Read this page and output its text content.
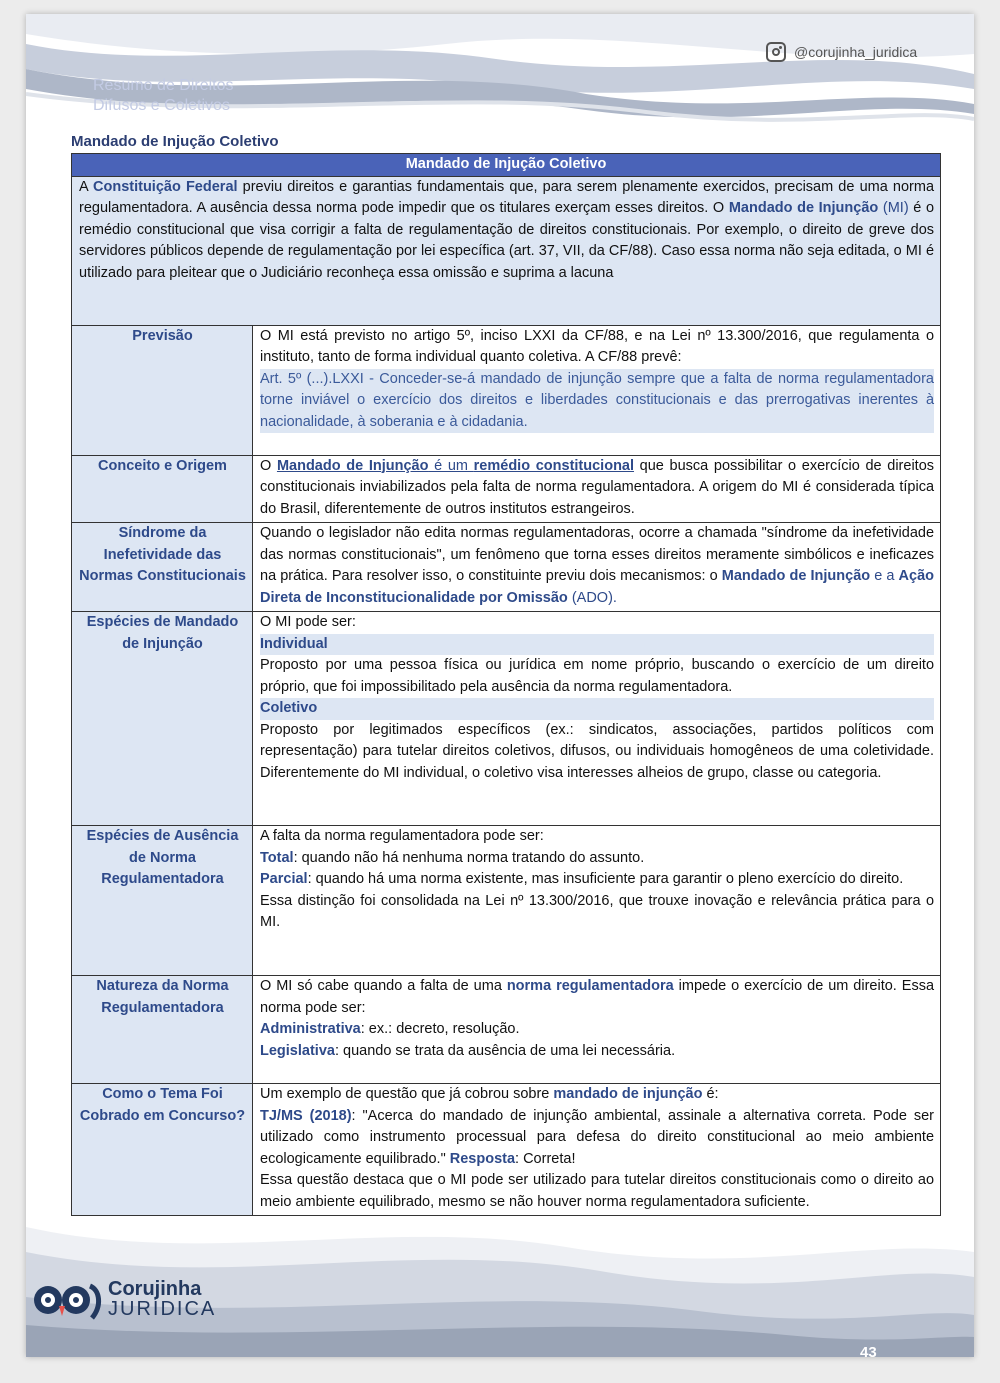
@corujinha_juridica
Resumo de Direitos
Difusos e Coletivos
Mandado de Injução Coletivo
Mandado de Injução Coletivo	
A Constituição Federal previu direitos e garantias fundamentais que, para serem plenamente exercidos, precisam de uma norma regulamentadora. A ausência dessa norma pode impedir que os titulares exerçam esses direitos. O Mandado de Injunção (MI) é o remédio constitucional que visa corrigir a falta de regulamentação de direitos constitucionais. Por exemplo, o direito de greve dos servidores públicos depende de regulamentação por lei específica (art. 37, VII, da CF/88). Caso essa norma não seja editada, o MI é utilizado para pleitear que o Judiciário reconheça essa omissão e suprima a lacuna	
Previsão	O MI está previsto no artigo 5º, inciso LXXI da CF/88, e na Lei nº 13.300/2016, que regulamenta o instituto, tanto de forma individual quanto coletiva. A CF/88 prevê:
Art. 5º (...).LXXI - Conceder-se-á mandado de injunção sempre que a falta de norma regulamentadora torne inviável o exercício dos direitos e liberdades constitucionais e das prerrogativas inerentes à nacionalidade, à soberania e à cidadania.

Conceito e Origem	O Mandado de Injunção é um remédio constitucional que busca possibilitar o exercício de direitos constitucionais inviabilizados pela falta de norma regulamentadora. A origem do MI é considerada típica do Brasil, diferentemente de outros institutos estrangeiros.
Síndrome da Inefetividade das Normas Constitucionais	Quando o legislador não edita normas regulamentadoras, ocorre a chamada "síndrome da inefetividade das normas constitucionais", um fenômeno que torna esses direitos meramente simbólicos e ineficazes na prática. Para resolver isso, o constituinte previu dois mecanismos: o Mandado de Injunção e a Ação Direta de Inconstitucionalidade por Omissão (ADO).
Espécies de Mandado de Injunção	O MI pode ser:
Individual
Proposto por uma pessoa física ou jurídica em nome próprio, buscando o exercício de um direito próprio, que foi impossibilitado pela ausência da norma regulamentadora.
Coletivo
Proposto por legitimados específicos (ex.: sindicatos, associações, partidos políticos com representação) para tutelar direitos coletivos, difusos, ou individuais homogêneos de uma coletividade. Diferentemente do MI individual, o coletivo visa interesses alheios de grupo, classe ou categoria.
Espécies de Ausência de Norma Regulamentadora	A falta da norma regulamentadora pode ser:
Total: quando não há nenhuma norma tratando do assunto.
Parcial: quando há uma norma existente, mas insuficiente para garantir o pleno exercício do direito.
Essa distinção foi consolidada na Lei nº 13.300/2016, que trouxe inovação e relevância prática para o MI.

Natureza da Norma Regulamentadora	O MI só cabe quando a falta de uma norma regulamentadora impede o exercício de um direito. Essa norma pode ser:
Administrativa: ex.: decreto, resolução.
Legislativa: quando se trata da ausência de uma lei necessária.

Como o Tema Foi Cobrado em Concurso?	Um exemplo de questão que já cobrou sobre mandado de injunção é:
TJ/MS (2018): "Acerca do mandado de injunção ambiental, assinale a alternativa correta. Pode ser utilizado como instrumento processual para defesa do direito constitucional ao meio ambiente ecologicamente equilibrado." Resposta: Correta!
Essa questão destaca que o MI pode ser utilizado para tutelar direitos constitucionais como o direito ao meio ambiente equilibrado, mesmo se não houver norma regulamentadora suficiente.
Corujinha
JURÍDICA
43
